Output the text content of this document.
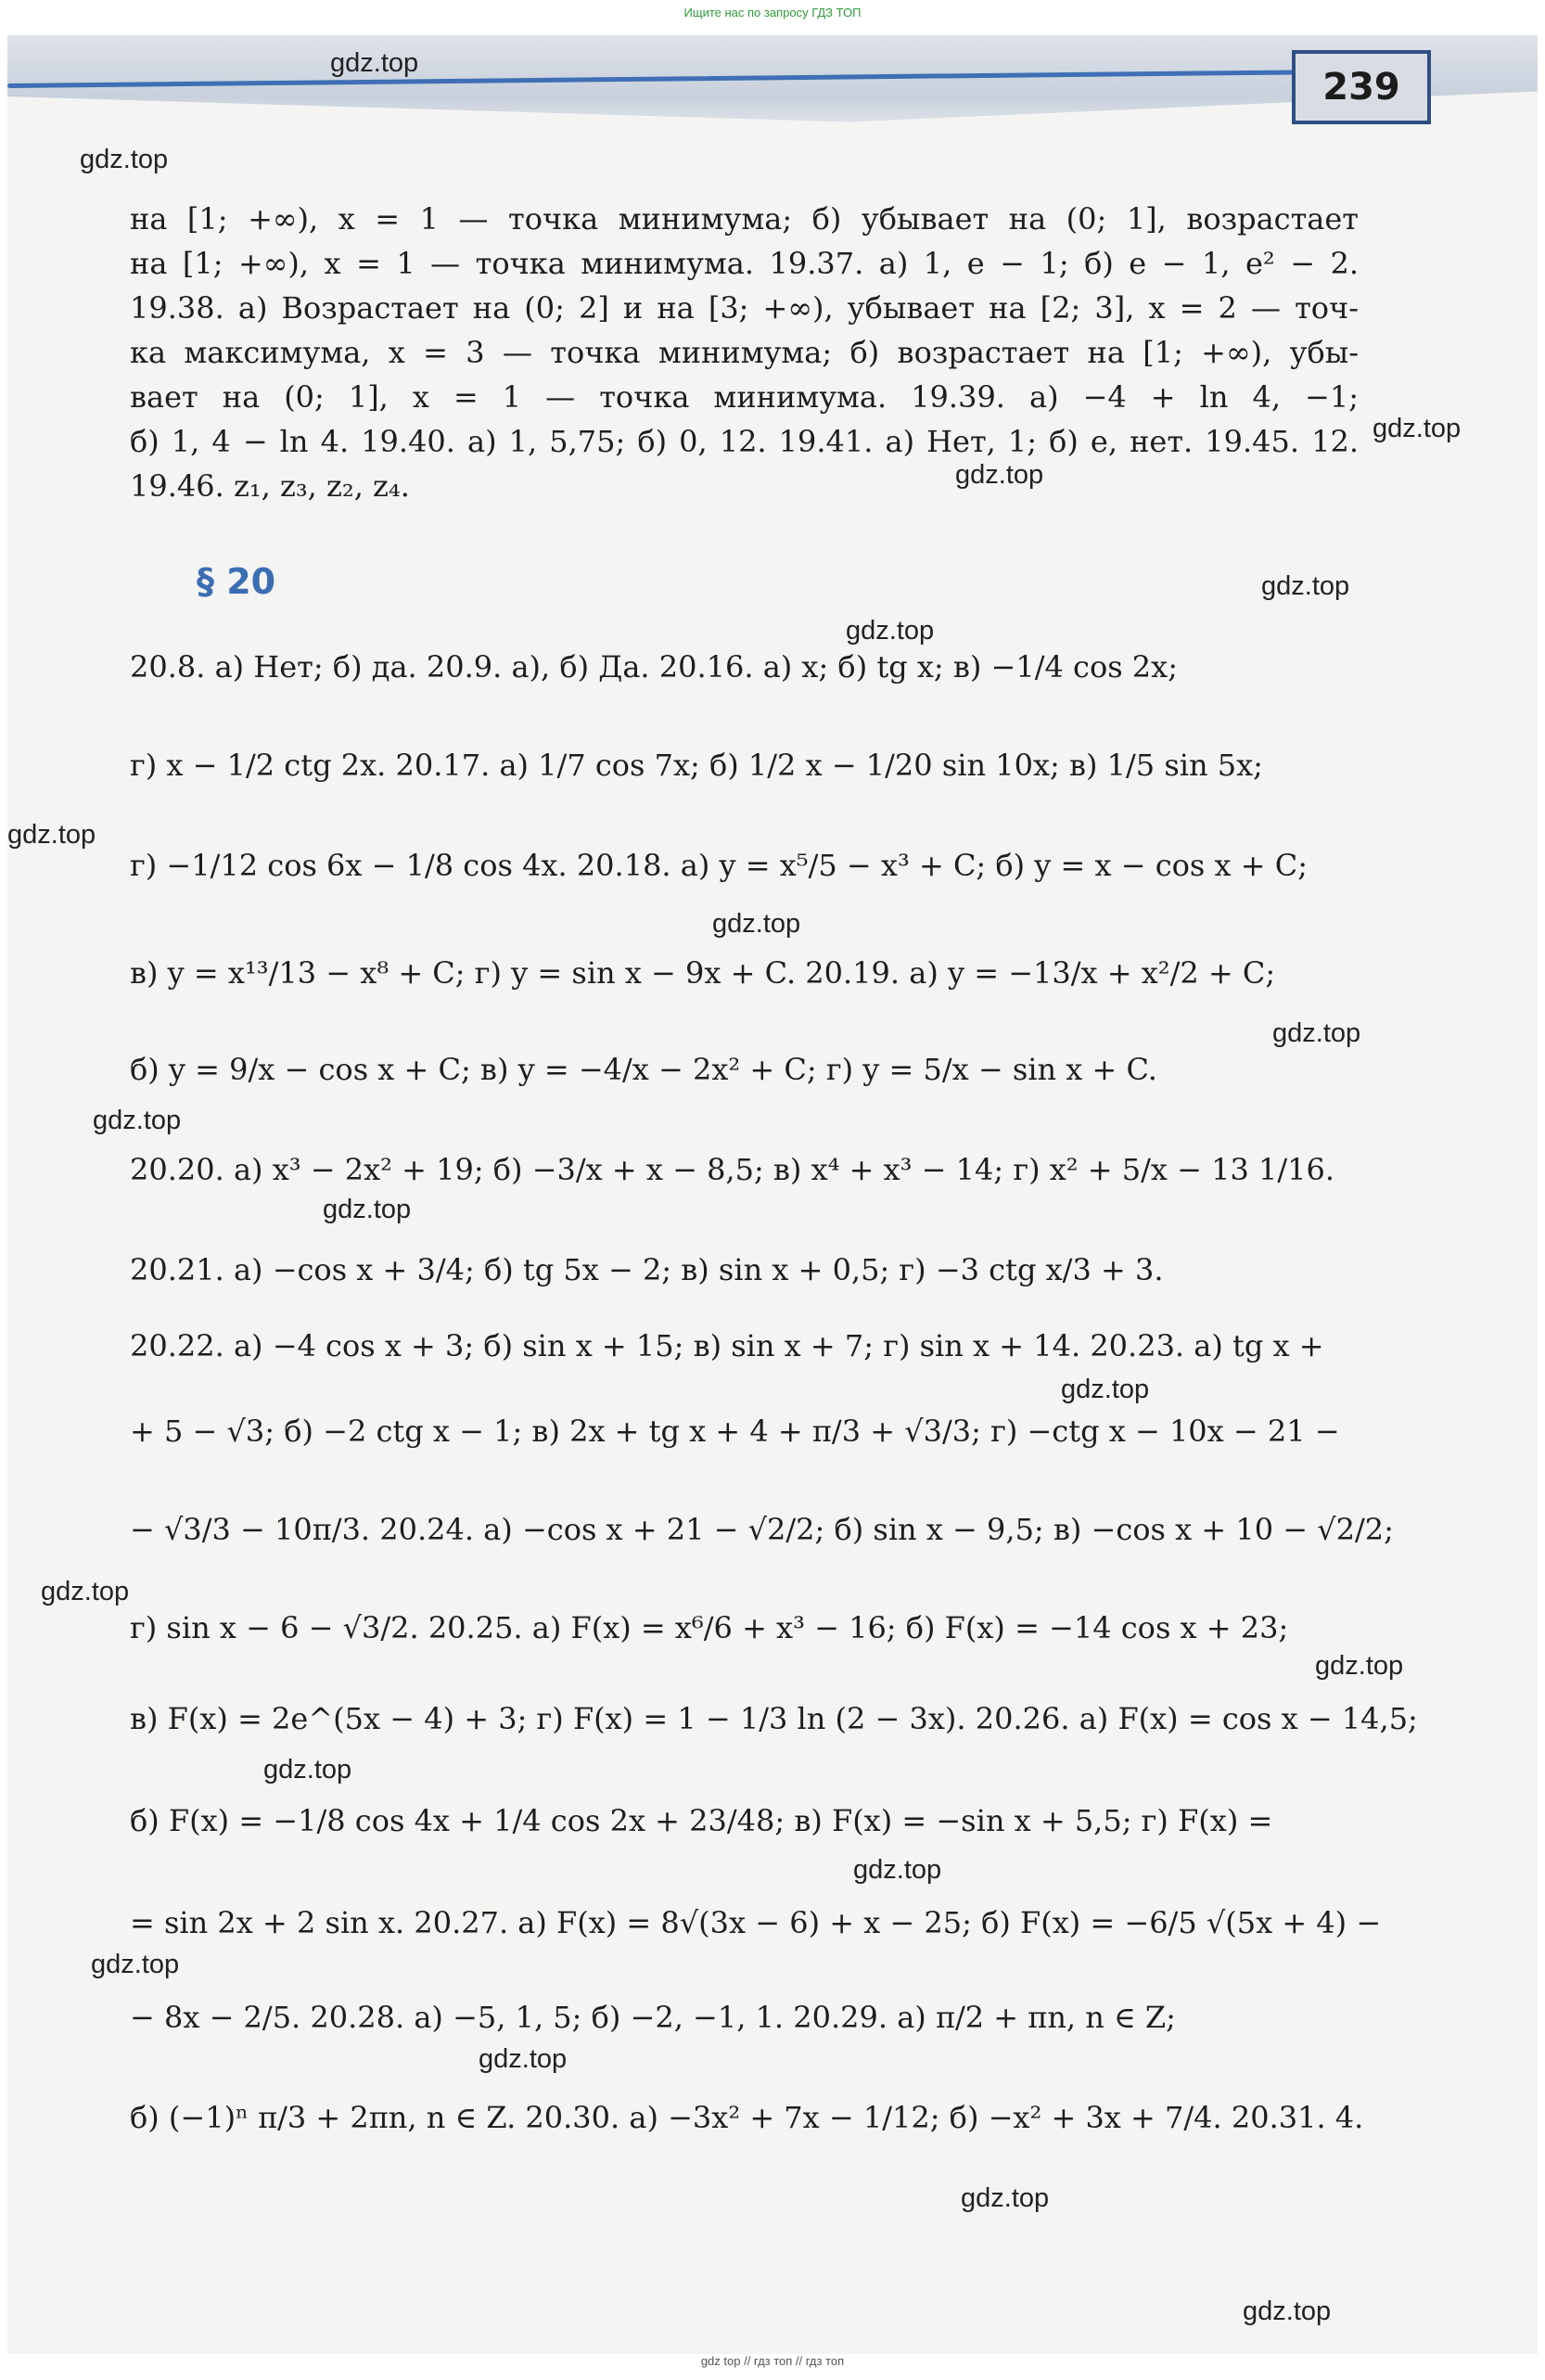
Ищите нас по запросу ГДЗ ТОП
239
gdz.top
gdz.top
gdz.top
gdz.top
gdz.top
gdz.top
gdz.top
gdz.top
gdz.top
gdz.top
gdz.top
gdz.top
gdz.top
gdz.top
gdz.top
gdz.top
gdz.top
gdz.top
gdz.top
gdz.top
на [1; +∞), x = 1 — точка минимума; б) убывает на (0; 1], возрастает
на [1; +∞), x = 1 — точка минимума. 19.37. а) 1, e − 1; б) e − 1, e² − 2.
19.38. а) Возрастает на (0; 2] и на [3; +∞), убывает на [2; 3], x = 2 — точ-
ка максимума, x = 3 — точка минимума; б) возрастает на [1; +∞), убы-
вает на (0; 1], x = 1 — точка минимума. 19.39. а) −4 + ln 4, −1;
б) 1, 4 − ln 4. 19.40. а) 1, 5,75; б) 0, 12. 19.41. а) Нет, 1; б) e, нет. 19.45. 12.
19.46. z₁, z₃, z₂, z₄.
§ 20
20.8. а) Нет; б) да. 20.9. а), б) Да. 20.16. а) x; б) tg x; в) −1/4 cos 2x;
г) x − 1/2 ctg 2x. 20.17. а) 1/7 cos 7x; б) 1/2 x − 1/20 sin 10x; в) 1/5 sin 5x;
г) −1/12 cos 6x − 1/8 cos 4x. 20.18. а) y = x⁵/5 − x³ + C; б) y = x − cos x + C;
в) y = x¹³/13 − x⁸ + C; г) y = sin x − 9x + C. 20.19. а) y = −13/x + x²/2 + C;
б) y = 9/x − cos x + C; в) y = −4/x − 2x² + C; г) y = 5/x − sin x + C.
20.20. а) x³ − 2x² + 19; б) −3/x + x − 8,5; в) x⁴ + x³ − 14; г) x² + 5/x − 13 1/16.
20.21. а) −cos x + 3/4; б) tg 5x − 2; в) sin x + 0,5; г) −3 ctg x/3 + 3.
20.22. а) −4 cos x + 3; б) sin x + 15; в) sin x + 7; г) sin x + 14. 20.23. а) tg x +
+ 5 − √3; б) −2 ctg x − 1; в) 2x + tg x + 4 + π/3 + √3/3; г) −ctg x − 10x − 21 −
− √3/3 − 10π/3. 20.24. а) −cos x + 21 − √2/2; б) sin x − 9,5; в) −cos x + 10 − √2/2;
г) sin x − 6 − √3/2. 20.25. а) F(x) = x⁶/6 + x³ − 16; б) F(x) = −14 cos x + 23;
в) F(x) = 2e^(5x − 4) + 3; г) F(x) = 1 − 1/3 ln (2 − 3x). 20.26. а) F(x) = cos x − 14,5;
б) F(x) = −1/8 cos 4x + 1/4 cos 2x + 23/48; в) F(x) = −sin x + 5,5; г) F(x) =
= sin 2x + 2 sin x. 20.27. а) F(x) = 8√(3x − 6) + x − 25; б) F(x) = −6/5 √(5x + 4) −
− 8x − 2/5. 20.28. а) −5, 1, 5; б) −2, −1, 1. 20.29. а) π/2 + πn, n ∈ Z;
б) (−1)ⁿ π/3 + 2πn, n ∈ Z. 20.30. а) −3x² + 7x − 1/12; б) −x² + 3x + 7/4. 20.31. 4.
gdz top // гдз топ // гдз топ
